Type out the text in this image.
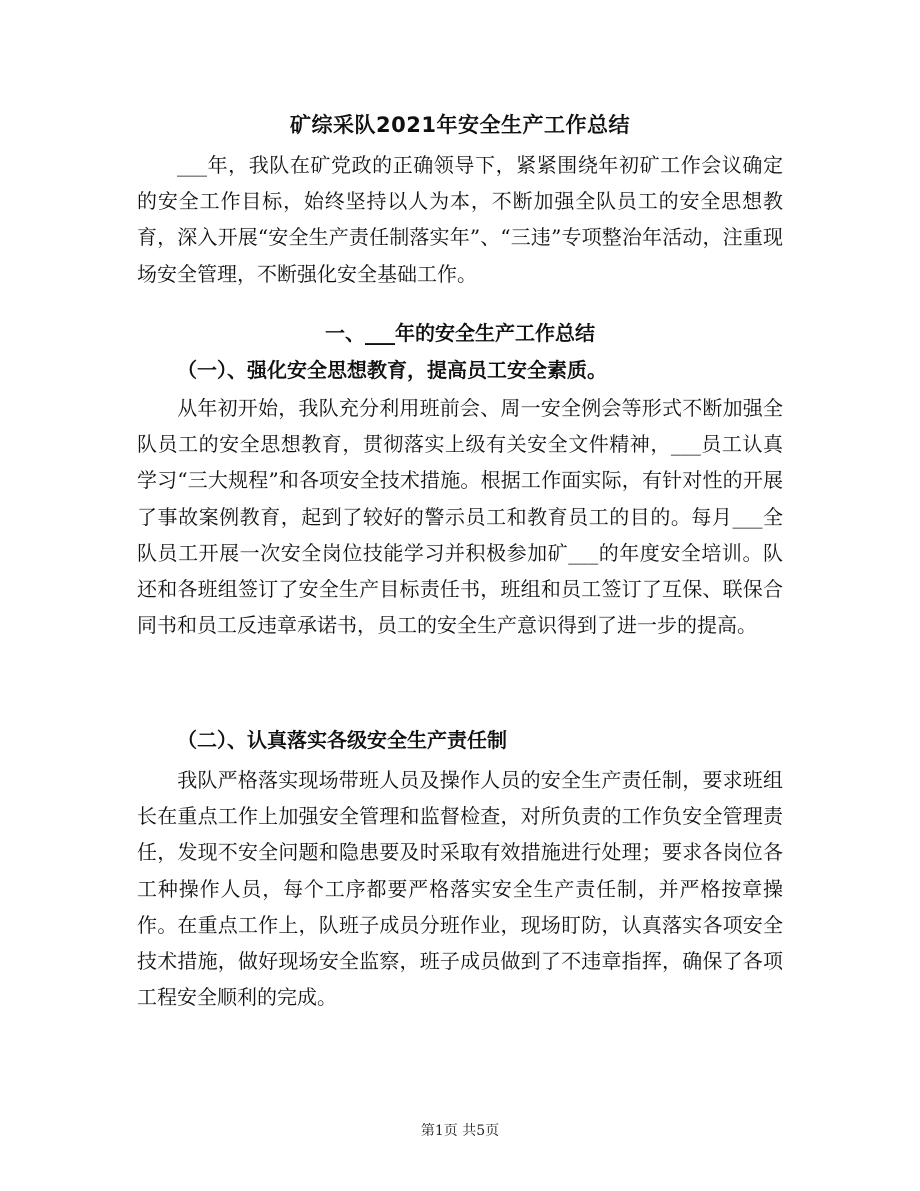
矿综采队2021年安全生产工作总结

___年，我队在矿党政的正确领导下，紧紧围绕年初矿工作会议确定的安全工作目标，始终坚持以人为本，不断加强全队员工的安全思想教育，深入开展“安全生产责任制落实年”、“三违”专项整治年活动，注重现场安全管理，不断强化安全基础工作。

一、___年的安全生产工作总结
（一）、强化安全思想教育，提高员工安全素质。

从年初开始，我队充分利用班前会、周一安全例会等形式不断加强全队员工的安全思想教育，贯彻落实上级有关安全文件精神，___员工认真学习“三大规程”和各项安全技术措施。根据工作面实际，有针对性的开展了事故案例教育，起到了较好的警示员工和教育员工的目的。每月___全队员工开展一次安全岗位技能学习并积极参加矿___的年度安全培训。队还和各班组签订了安全生产目标责任书，班组和员工签订了互保、联保合同书和员工反违章承诺书，员工的安全生产意识得到了进一步的提高。

（二）、认真落实各级安全生产责任制

我队严格落实现场带班人员及操作人员的安全生产责任制，要求班组长在重点工作上加强安全管理和监督检查，对所负责的工作负安全管理责任，发现不安全问题和隐患要及时采取有效措施进行处理；要求各岗位各工种操作人员，每个工序都要严格落实安全生产责任制，并严格按章操作。在重点工作上，队班子成员分班作业，现场盯防，认真落实各项安全技术措施，做好现场安全监察，班子成员做到了不违章指挥，确保了各项工程安全顺利的完成。

第1页 共5页
